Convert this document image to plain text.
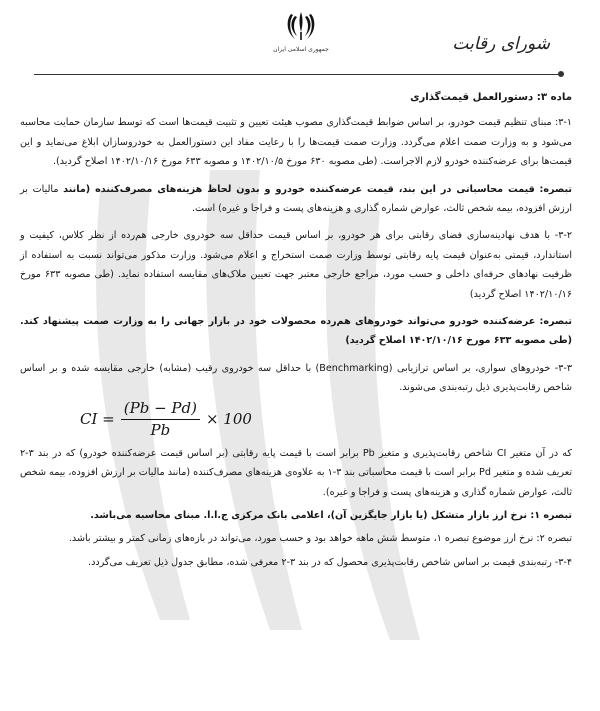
جمهوری اسلامی ایران	شورای رقابت

ماده ۳: دستورالعمل قیمت‌گذاری

۳-۱: مبنای تنظیم قیمت خودرو، بر اساس ضوابط قیمت‌گذاری مصوب هیئت تعیین و تثبیت قیمت‌ها است که توسط سازمان حمایت محاسبه می‌شود و به وزارت صمت اعلام می‌گردد. وزارت صمت قیمت‌ها را با رعایت مفاد این دستورالعمل به خودروسازان ابلاغ می‌نماید و این قیمت‌ها برای عرضه‌کننده خودرو لازم الاجراست. (طی مصوبه ۶۳۰ مورخ ۱۴۰۲/۱۰/۵ و مصوبه ۶۳۳ مورخ ۱۴۰۲/۱۰/۱۶ اصلاح گردید).

تبصره: قیمت محاسباتی در این بند، قیمت عرضه‌کننده خودرو و بدون لحاظ هزینه‌های مصرف‌کننده (مانند مالیات بر ارزش افزوده، بیمه شخص ثالث، عوارض شماره گذاری و هزینه‌های پست و فراجا و غیره) است.

۳-۲- با هدف نهادینه‌سازی فضای رقابتی برای هر خودرو، بر اساس قیمت حداقل سه خودروی خارجی هم‌رده از نظر کلاس، کیفیت و استاندارد، قیمتی به‌عنوان قیمت پایه رقابتی توسط وزارت صمت استخراج و اعلام می‌شود. وزارت مذکور می‌تواند نسبت به استفاده از ظرفیت نهادهای حرفه‌ای داخلی و حسب مورد، مراجع خارجی معتبر جهت تعیین ملاک‌های مقایسه استفاده نماید. (طی مصوبه ۶۳۳ مورخ ۱۴۰۲/۱۰/۱۶ اصلاح گردید)

تبصره: عرضه‌کننده خودرو می‌تواند خودروهای هم‌رده محصولات خود در بازار جهانی را به وزارت صمت پیشنهاد کند. (طی مصوبه ۶۳۳ مورخ ۱۴۰۲/۱۰/۱۶ اصلاح گردید)

۳-۳- خودروهای سواری، بر اساس ترازیابی (Benchmarking) با حداقل سه خودروی رقیب (مشابه) خارجی مقایسه شده و بر اساس شاخص رقابت‌پذیری ذیل رتبه‌بندی می‌شوند.

CI = $\frac{(Pb - Pd)}{Pb} \times 100$

که در آن متغیر CI شاخص رقابت‌پذیری و متغیر Pb برابر است با قیمت پایه رقابتی (بر اساس قیمت عرضه‌کننده خودرو) که در بند ۳-۲ تعریف شده و متغیر Pd برابر است با قیمت محاسباتی بند ۳-۱ به علاوه‌ی هزینه‌های مصرف‌کننده (مانند مالیات بر ارزش افزوده، بیمه شخص ثالث، عوارض شماره گذاری و هزینه‌های پست و فراجا و غیره).

تبصره ۱: نرخ ارز بازار متشکل (یا بازار جایگزین آن)، اعلامی بانک مرکزی ج.ا.ا. مبنای محاسبه می‌باشد.

تبصره ۲: نرخ ارز موضوع تبصره ۱، متوسط شش ماهه خواهد بود و حسب مورد، می‌تواند در بازه‌های زمانی کمتر و بیشتر باشد.

۳-۴- رتبه‌بندی قیمت بر اساس شاخص رقابت‌پذیری محصول که در بند ۳-۲ معرفی شده، مطابق جدول ذیل تعریف می‌گردد.
